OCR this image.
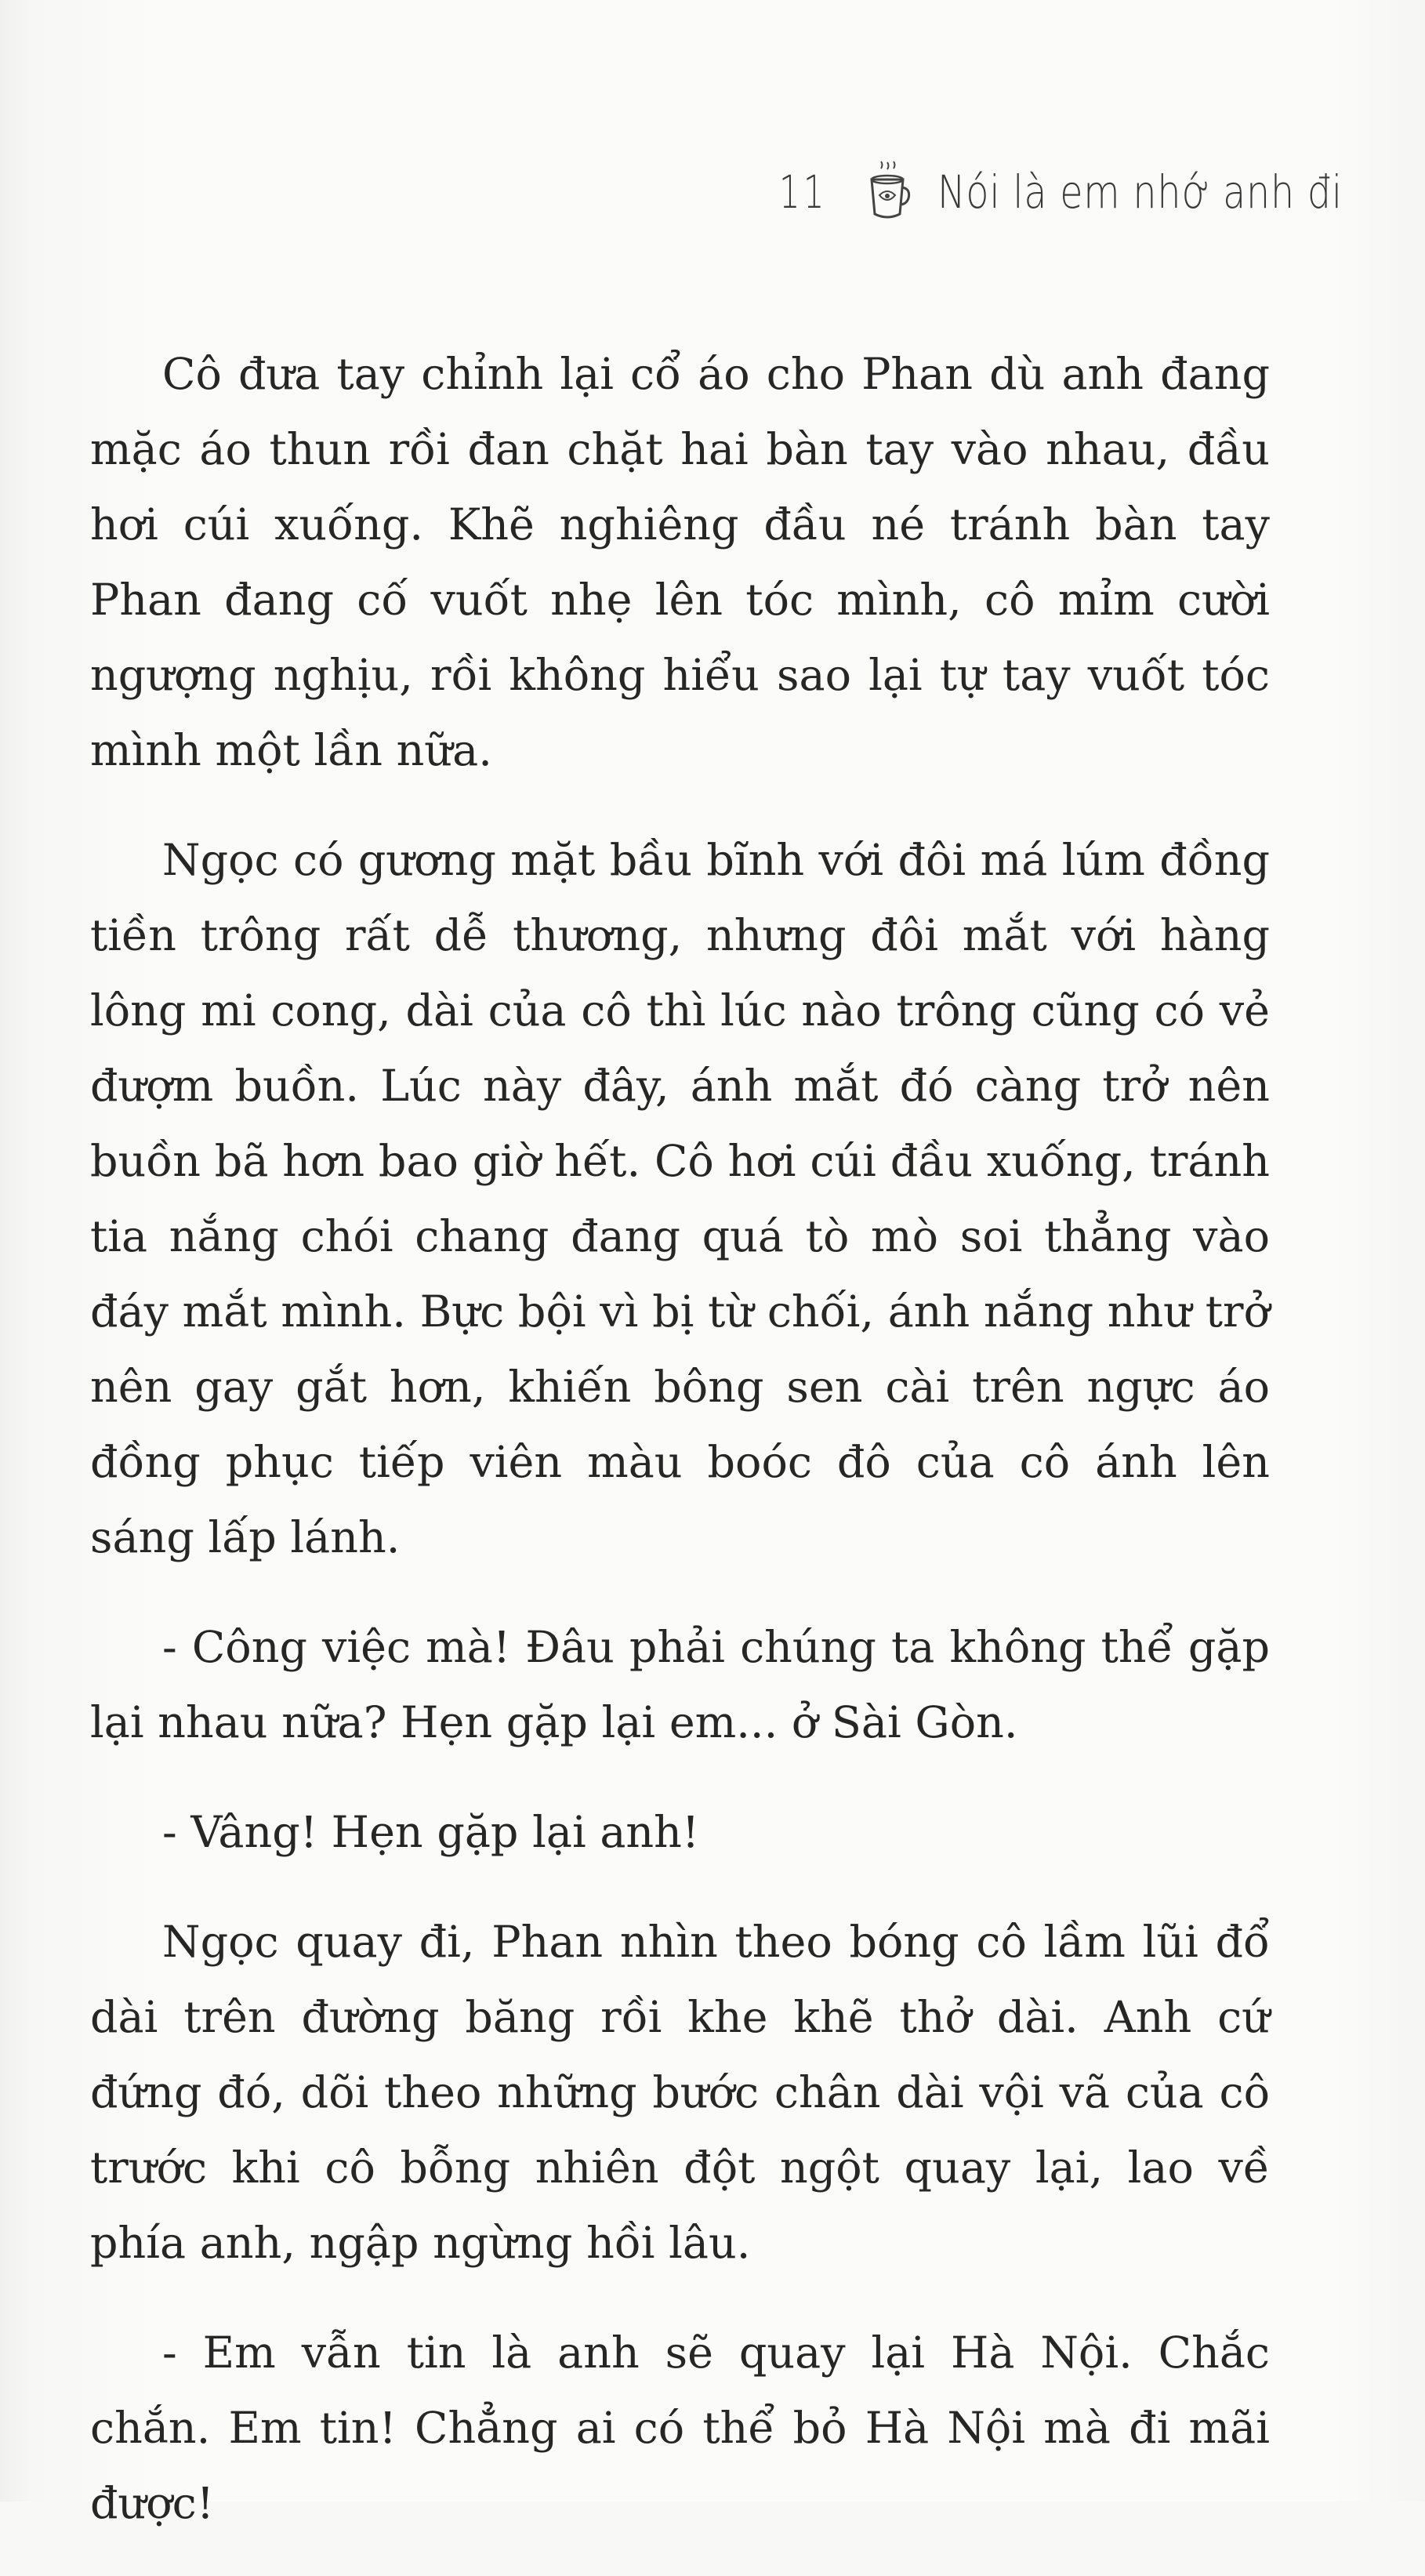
11 Nói là em nhớ anh đi

Cô đưa tay chỉnh lại cổ áo cho Phan dù anh đang mặc áo thun rồi đan chặt hai bàn tay vào nhau, đầu hơi cúi xuống. Khẽ nghiêng đầu né tránh bàn tay Phan đang cố vuốt nhẹ lên tóc mình, cô mỉm cười ngượng nghịu, rồi không hiểu sao lại tự tay vuốt tóc mình một lần nữa.

Ngọc có gương mặt bầu bĩnh với đôi má lúm đồng tiền trông rất dễ thương, nhưng đôi mắt với hàng lông mi cong, dài của cô thì lúc nào trông cũng có vẻ đượm buồn. Lúc này đây, ánh mắt đó càng trở nên buồn bã hơn bao giờ hết. Cô hơi cúi đầu xuống, tránh tia nắng chói chang đang quá tò mò soi thẳng vào đáy mắt mình. Bực bội vì bị từ chối, ánh nắng như trở nên gay gắt hơn, khiến bông sen cài trên ngực áo đồng phục tiếp viên màu boóc đô của cô ánh lên sáng lấp lánh.

- Công việc mà! Đâu phải chúng ta không thể gặp lại nhau nữa? Hẹn gặp lại em... ở Sài Gòn.

- Vâng! Hẹn gặp lại anh!

Ngọc quay đi, Phan nhìn theo bóng cô lầm lũi đổ dài trên đường băng rồi khe khẽ thở dài. Anh cứ đứng đó, dõi theo những bước chân dài vội vã của cô trước khi cô bỗng nhiên đột ngột quay lại, lao về phía anh, ngập ngừng hồi lâu.

- Em vẫn tin là anh sẽ quay lại Hà Nội. Chắc chắn. Em tin! Chẳng ai có thể bỏ Hà Nội mà đi mãi được!
